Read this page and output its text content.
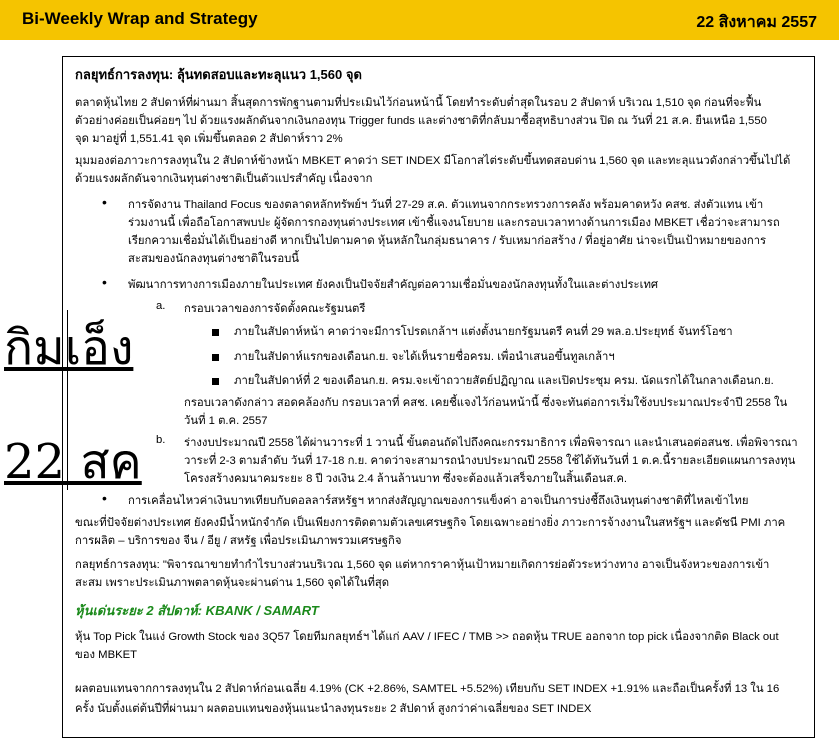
Bi-Weekly Wrap and Strategy	22 สิงหาคม 2557
กลยุทธ์การลงทุน: ลุ้นทดสอบและทะลุแนว 1,560 จุด
ตลาดหุ้นไทย 2 สัปดาห์ที่ผ่านมา สิ้นสุดการพักฐานตามที่ประเมินไว้ก่อนหน้านี้ โดยทำระดับต่ำสุดในรอบ 2 สัปดาห์ บริเวณ 1,510 จุด ก่อนที่จะฟื้น
ตัวอย่างค่อยเป็นค่อยๆ ไป ด้วยแรงผลักดันจากเงินกองทุน Trigger funds และต่างชาติที่กลับมาซื้อสุทธิบางส่วน ปิด ณ วันที่ 21 ส.ค. ยืนเหนือ 1,550
จุด มาอยู่ที่ 1,551.41 จุด เพิ่มขึ้นตลอด 2 สัปดาห์ราว 2%
มุมมองต่อภาวะการลงทุนใน 2 สัปดาห์ข้างหน้า MBKET คาดว่า SET INDEX มีโอกาสไต่ระดับขึ้นทดสอบด่าน 1,560 จุด และทะลุแนวดังกล่าวขึ้นไปได้
ด้วยแรงผลักดันจากเงินทุนต่างชาติเป็นตัวแปรสำคัญ เนื่องจาก
• การจัดงาน Thailand Focus ของตลาดหลักทรัพย์ฯ วันที่ 27-29 ส.ค. ตัวแทนจากกระทรวงการคลัง พร้อมคาดหวัง คสช. ส่งตัวแทน เข้า
ร่วมงานนี้ เพื่อถือโอกาสพบปะ ผู้จัดการกองทุนต่างประเทศ เข้าชี้แจงนโยบาย และกรอบเวลาทางด้านการเมือง MBKET เชื่อว่าจะสามารถ
เรียกความเชื่อมั่นได้เป็นอย่างดี หากเป็นไปตามคาด หุ้นหลักในกลุ่มธนาคาร / รับเหมาก่อสร้าง / ที่อยู่อาศัย น่าจะเป็นเป้าหมายของการ
สะสมของนักลงทุนต่างชาติในรอบนี้
• พัฒนาการทางการเมืองภายในประเทศ ยังคงเป็นปัจจัยสำคัญต่อความเชื่อมั่นของนักลงทุนทั้งในและต่างประเทศ
a. กรอบเวลาของการจัดตั้งคณะรัฐมนตรี
ภายในสัปดาห์หน้า คาดว่าจะมีการโปรดเกล้าฯ แต่งตั้งนายกรัฐมนตรี คนที่ 29 พล.อ.ประยุทธ์ จันทร์โอชา
ภายในสัปดาห์แรกของเดือนก.ย. จะได้เห็นรายชื่อครม. เพื่อนำเสนอขึ้นทูลเกล้าฯ
ภายในสัปดาห์ที่ 2 ของเดือนก.ย. ครม.จะเข้าถวายสัตย์ปฏิญาณ และเปิดประชุม ครม. นัดแรกได้ในกลางเดือนก.ย.
กรอบเวลาดังกล่าว สอดคล้องกับ กรอบเวลาที่ คสช. เคยชี้แจงไว้ก่อนหน้านี้ ซึ่งจะทันต่อการเริ่มใช้งบประมาณประจำปี 2558 ใน
วันที่ 1 ต.ค. 2557
b. ร่างงบประมาณปี 2558 ได้ผ่านวาระที่ 1 วานนี้ ขั้นตอนถัดไปถึงคณะกรรมาธิการ เพื่อพิจารณา และนำเสนอต่อสนช. เพื่อพิจารณา
วาระที่ 2-3 ตามลำดับ วันที่ 17-18 ก.ย. คาดว่าจะสามารถนำงบประมาณปี 2558 ใช้ได้ทันวันที่ 1 ต.ค.นี้รายละเอียดแผนการลงทุน
โครงสร้างคมนาคมระยะ 8 ปี วงเงิน 2.4 ล้านล้านบาท ซึ่งจะต้องแล้วเสร็จภายในสิ้นเดือนส.ค.
• การเคลื่อนไหวค่าเงินบาทเทียบกับดอลลาร์สหรัฐฯ หากส่งสัญญาณของการแข็งค่า อาจเป็นการบ่งชี้ถึงเงินทุนต่างชาติที่ไหลเข้าไทย
ขณะที่ปัจจัยต่างประเทศ ยังคงมีน้ำหนักจำกัด เป็นเพียงการติดตามตัวเลขเศรษฐกิจ โดยเฉพาะอย่างยิ่ง ภาวะการจ้างงานในสหรัฐฯ และดัชนี PMI ภาค
การผลิต – บริการของ จีน / อียู / สหรัฐ เพื่อประเมินภาพรวมเศรษฐกิจ
กลยุทธ์การลงทุน: "พิจารณาขายทำกำไรบางส่วนบริเวณ 1,560 จุด แต่หากราคาหุ้นเป้าหมายเกิดการย่อตัวระหว่างทาง อาจเป็นจังหวะของการเข้า
สะสม เพราะประเมินภาพตลาดหุ้นจะผ่านด่าน 1,560 จุดได้ในที่สุด
หุ้นเด่นระยะ 2 สัปดาห์: KBANK / SAMART
หุ้น Top Pick ในแง่ Growth Stock ของ 3Q57 โดยทีมกลยุทธ์ฯ ได้แก่ AAV / IFEC / TMB >> ถอดหุ้น TRUE ออกจาก top pick เนื่องจากติด Black out
ของ MBKET
ผลตอบแทนจากการลงทุนใน 2 สัปดาห์ก่อนเฉลี่ย 4.19% (CK +2.86%, SAMTEL +5.52%) เทียบกับ SET INDEX +1.91% และถือเป็นครั้งที่ 13 ใน 16
ครั้ง นับตั้งแต่ต้นปีที่ผ่านมา ผลตอบแทนของหุ้นแนะนำลงทุนระยะ 2 สัปดาห์ สูงกว่าค่าเฉลี่ยของ SET INDEX
กิมเอ็ง
22 สค
